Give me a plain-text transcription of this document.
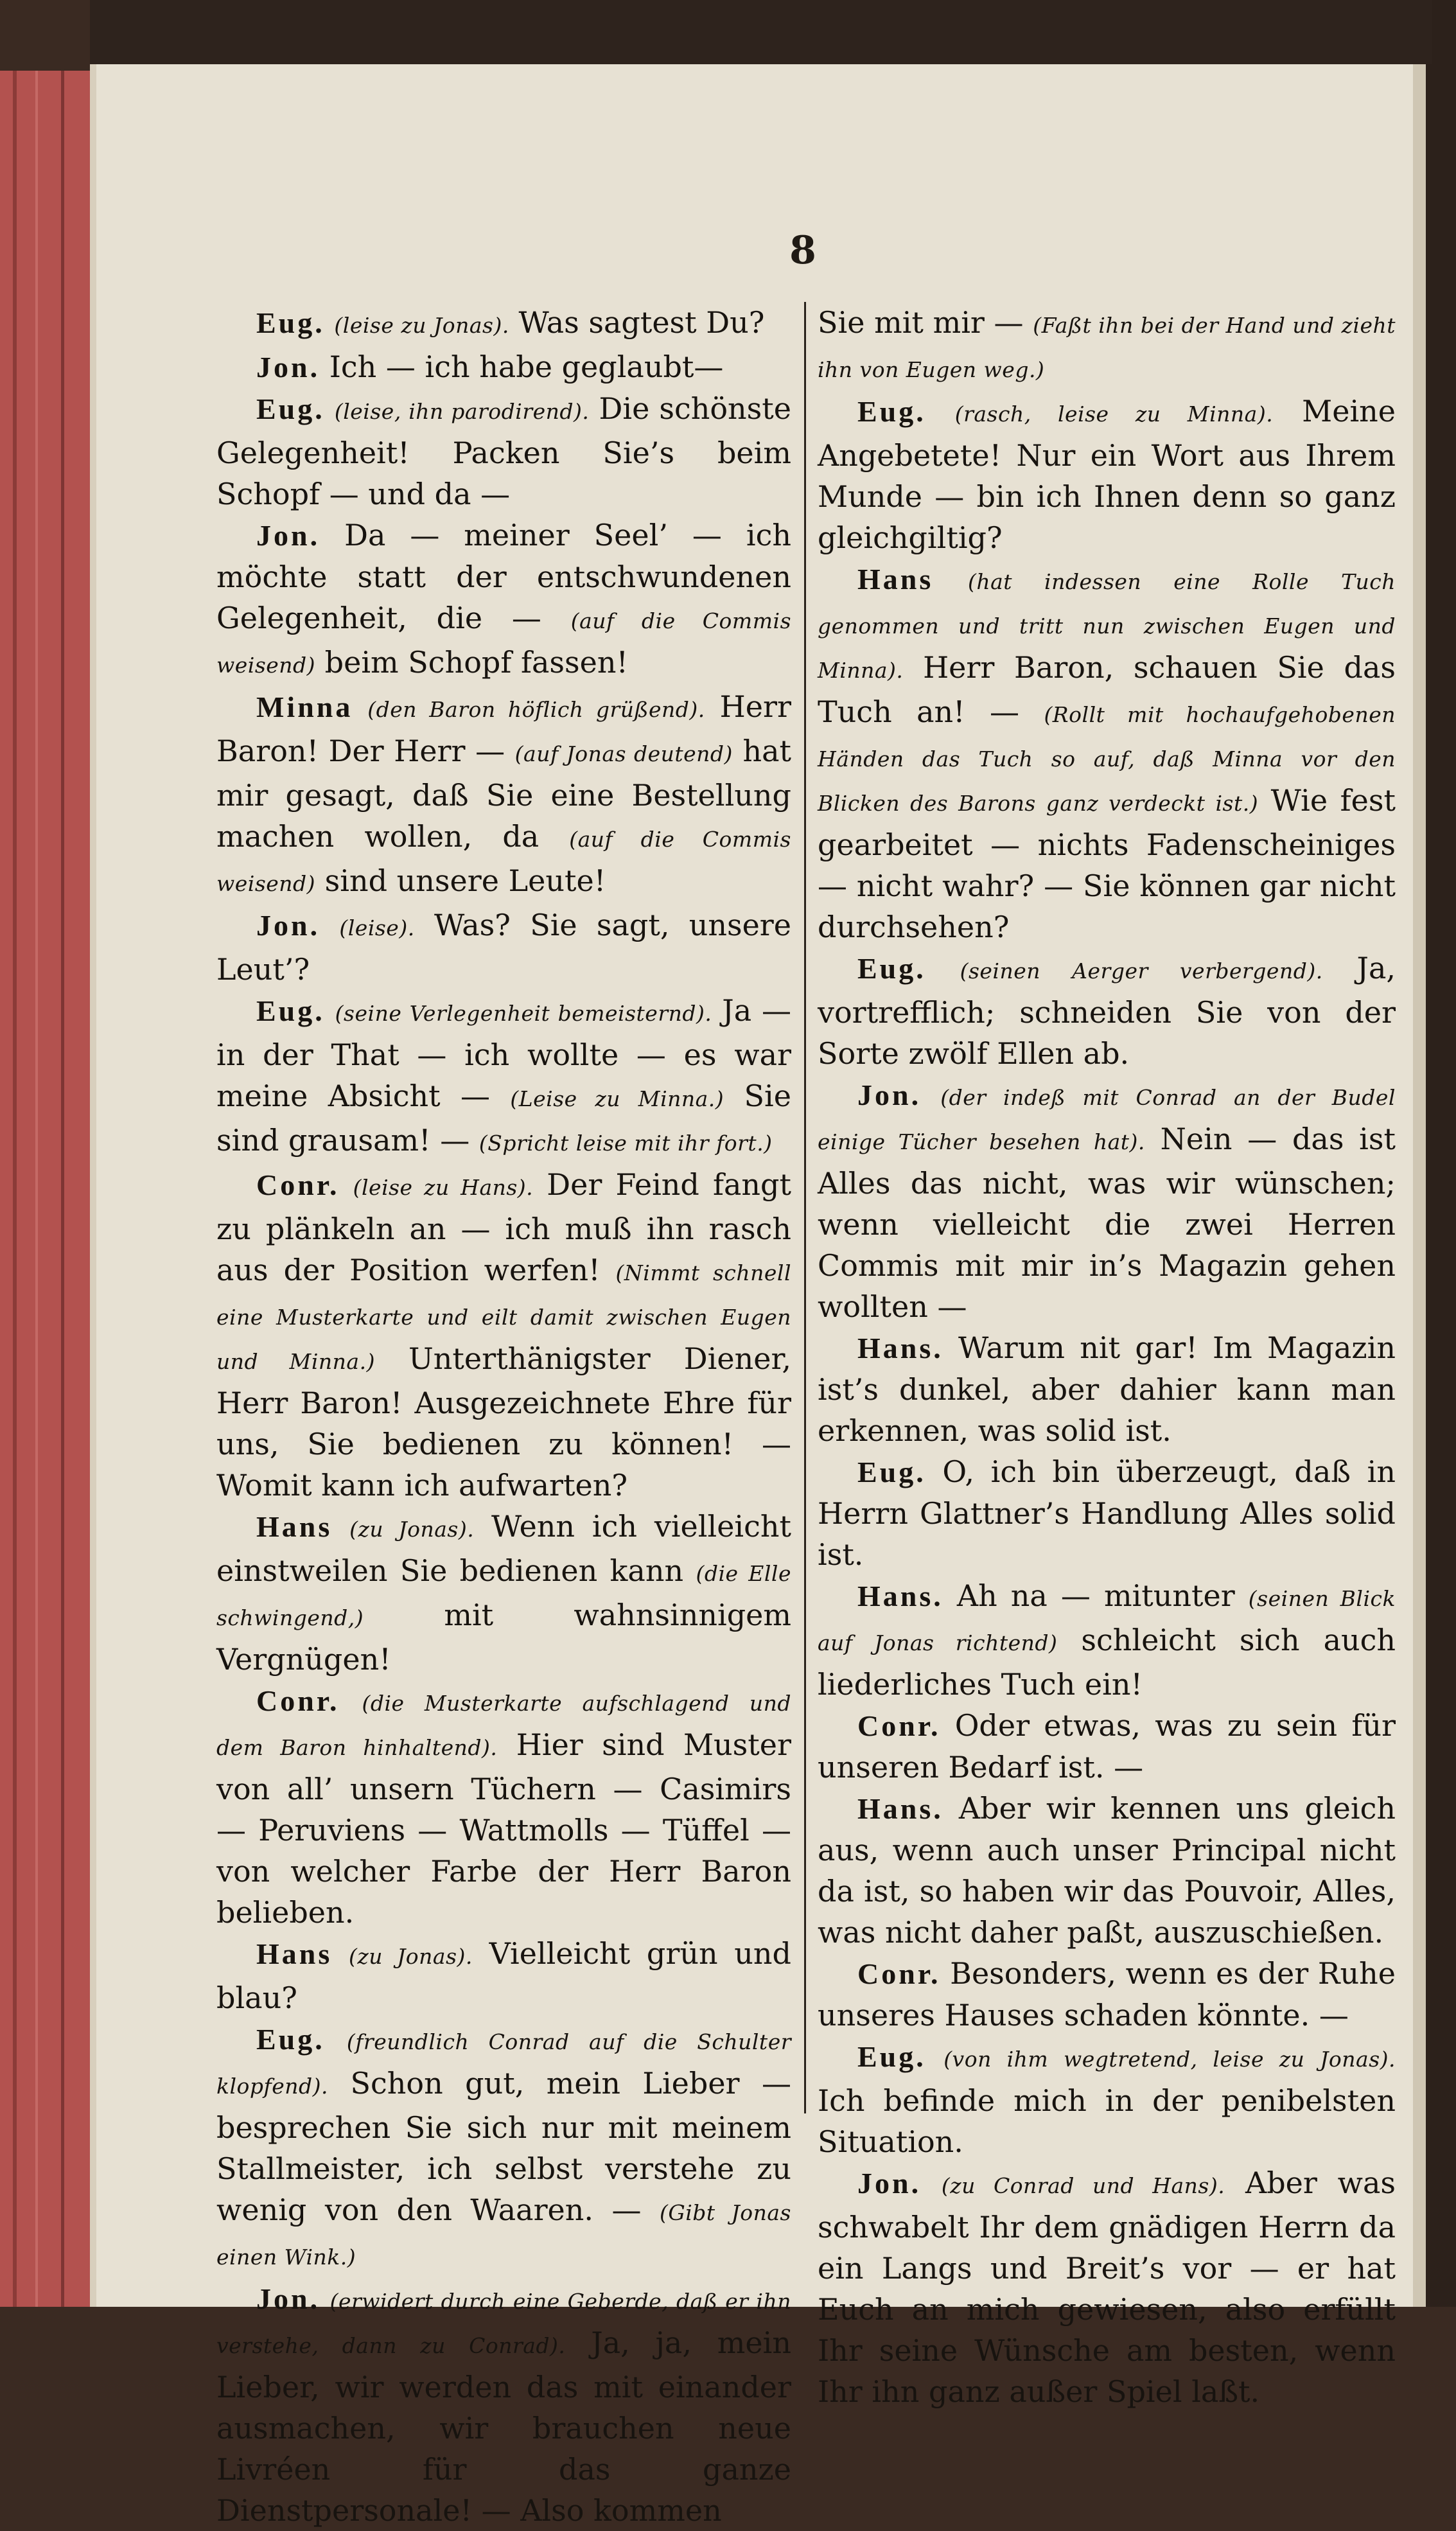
8

Eug. (leise zu Jonas). Was sagtest Du?

Jon. Ich — ich habe geglaubt—

Eug. (leise, ihn parodirend). Die schönste Gelegenheit! Packen Sie’s beim Schopf — und da —

Jon. Da — meiner Seel’ — ich möchte statt der entschwundenen Gelegenheit, die — (auf die Commis weisend) beim Schopf fassen!

Minna (den Baron höflich grüßend). Herr Baron! Der Herr — (auf Jonas deutend) hat mir gesagt, daß Sie eine Bestellung machen wollen, da (auf die Commis weisend) sind unsere Leute!

Jon. (leise). Was? Sie sagt, unsere Leut’?

Eug. (seine Verlegenheit bemeisternd). Ja — in der That — ich wollte — es war meine Absicht — (Leise zu Minna.) Sie sind grausam! — (Spricht leise mit ihr fort.)

Conr. (leise zu Hans). Der Feind fangt zu plänkeln an — ich muß ihn rasch aus der Position werfen! (Nimmt schnell eine Musterkarte und eilt damit zwischen Eugen und Minna.) Unterthänigster Diener, Herr Baron! Ausgezeichnete Ehre für uns, Sie bedienen zu können! — Womit kann ich aufwarten?

Hans (zu Jonas). Wenn ich vielleicht einstweilen Sie bedienen kann (die Elle schwingend,)	mit wahnsinnigem Vergnügen!

Conr. (die Musterkarte aufschlagend und dem Baron hinhaltend). Hier sind Muster von all’ unsern Tüchern — Casimirs — Peruviens — Wattmolls — Tüffel — von welcher Farbe der Herr Baron belieben.

Hans (zu Jonas). Vielleicht grün und blau?

Eug. (freundlich Conrad auf die Schulter klopfend). Schon gut, mein Lieber — besprechen Sie sich nur mit meinem Stallmeister, ich selbst verstehe zu wenig von den Waaren. — (Gibt Jonas einen Wink.)

Jon. (erwidert durch eine Geberde, daß er ihn verstehe, dann zu Conrad). Ja, ja, mein Lieber, wir werden das mit einander ausmachen, wir brauchen neue Livréen für das ganze Dienstpersonale! — Also kommen

Sie mit mir — (Faßt ihn bei der Hand und zieht ihn von Eugen weg.)

Eug. (rasch, leise zu Minna). Meine Angebetete! Nur ein Wort aus Ihrem Munde — bin ich Ihnen denn so ganz gleichgiltig?

Hans (hat indessen eine Rolle Tuch genommen und tritt nun zwischen Eugen und Minna). Herr Baron, schauen Sie das Tuch an! — (Rollt mit hochaufgehobenen Händen das Tuch so auf, daß Minna vor den Blicken des Barons ganz verdeckt ist.) Wie fest gearbeitet — nichts Fadenscheiniges — nicht wahr? — Sie können gar nicht durchsehen?

Eug. (seinen Aerger verbergend). Ja, vortrefflich; schneiden Sie von der Sorte zwölf Ellen ab.

Jon. (der indeß mit Conrad an der Budel einige Tücher besehen hat). Nein — das ist Alles das nicht, was wir wünschen; wenn vielleicht die zwei Herren Commis mit mir in’s Magazin gehen wollten —

Hans. Warum nit gar! Im Magazin ist’s dunkel, aber dahier kann man erkennen, was solid ist.

Eug. O, ich bin überzeugt, daß in Herrn Glattner’s Handlung Alles solid ist.

Hans. Ah na — mitunter (seinen Blick auf Jonas richtend) schleicht sich auch liederliches Tuch ein!

Conr. Oder etwas, was zu sein für unseren Bedarf ist. —

Hans. Aber wir kennen uns gleich aus, wenn auch unser Principal nicht da ist, so haben wir das Pouvoir, Alles, was nicht daher paßt, auszuschießen.

Conr. Besonders, wenn es der Ruhe unseres Hauses schaden könnte. —

Eug. (von ihm wegtretend, leise zu Jonas). Ich befinde mich in der penibelsten Situation.

Jon. (zu Conrad und Hans). Aber was schwabelt Ihr dem gnädigen Herrn da ein Langs und Breit’s vor — er hat Euch an mich gewiesen, also erfüllt Ihr seine Wünsche am besten, wenn Ihr ihn ganz außer Spiel laßt.
